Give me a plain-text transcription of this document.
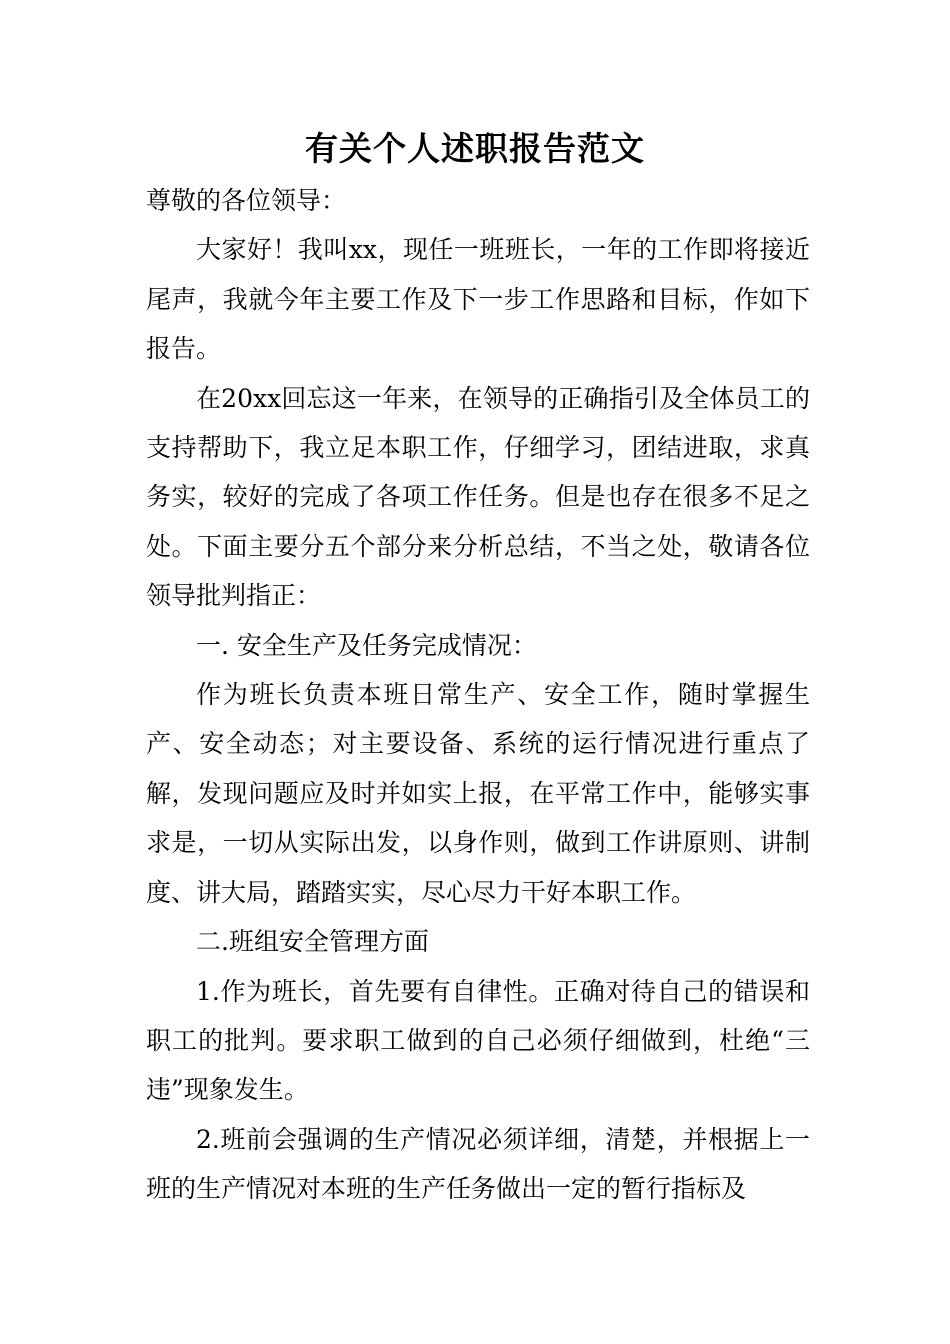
有关个人述职报告范文

尊敬的各位领导：

大家好！我叫xx，现任一班班长，一年的工作即将接近尾声，我就今年主要工作及下一步工作思路和目标，作如下报告。

在20xx回忘这一年来，在领导的正确指引及全体员工的支持帮助下，我立足本职工作，仔细学习，团结进取，求真务实，较好的完成了各项工作任务。但是也存在很多不足之处。下面主要分五个部分来分析总结，不当之处，敬请各位领导批判指正：

一. 安全生产及任务完成情况：

作为班长负责本班日常生产、安全工作，随时掌握生产、安全动态；对主要设备、系统的运行情况进行重点了解，发现问题应及时并如实上报，在平常工作中，能够实事求是，一切从实际出发，以身作则，做到工作讲原则、讲制度、讲大局，踏踏实实，尽心尽力干好本职工作。

二.班组安全管理方面

1.作为班长，首先要有自律性。正确对待自己的错误和职工的批判。要求职工做到的自己必须仔细做到，杜绝“三违”现象发生。

2.班前会强调的生产情况必须详细，清楚，并根据上一班的生产情况对本班的生产任务做出一定的暂行指标及
